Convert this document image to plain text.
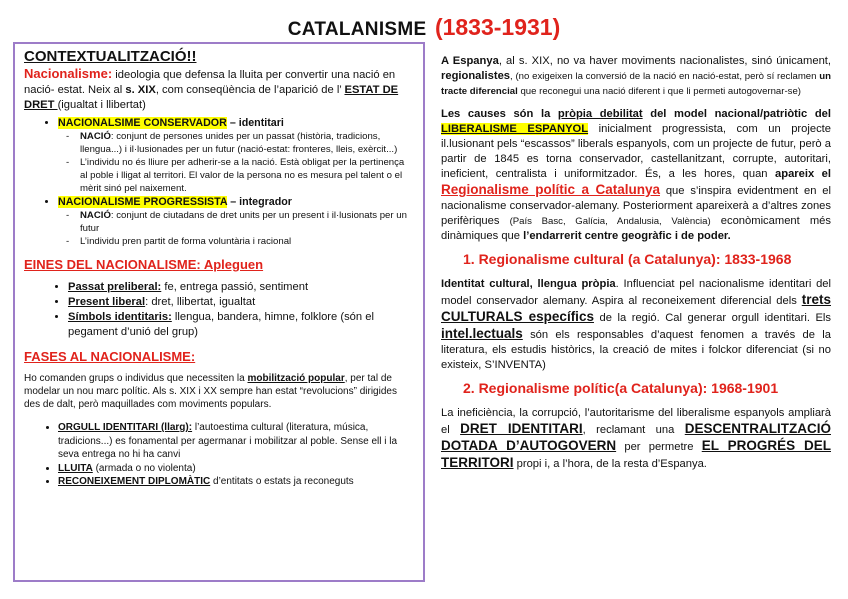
CATALANISME (1833-1931)
CONTEXTUALITZACIÓ!!
Nacionalisme: ideologia que defensa la lluita per convertir una nació en nació- estat. Neix al s. XIX, com conseqüència de l’aparició de l’ ESTAT DE DRET (igualtat i llibertat)
• NACIONALSIME CONSERVADOR – identitari
- NACIÓ: conjunt de persones unides per un passat (història, tradicions, llengua...) i il·lusionades per un futur (nació-estat: fronteres, lleis, exèrcit...)
- L’individu no és lliure per adherir-se a la nació. Està obligat per la pertinença al poble i lligat al territori. El valor de la persona no es mesura pel talent o el mèrit sinó pel naixement.
• NACIONALISME PROGRESSISTA – integrador
- NACIÓ: conjunt de ciutadans de dret units per un present i il·lusionats per un futur
- L’individu pren partit de forma voluntària i racional
EINES DEL NACIONALISME: Apleguen
• Passat preliberal: fe, entrega passió, sentiment
• Present liberal: dret, llibertat, igualtat
• Símbols identitaris: llengua, bandera, himne, folklore (són el pegament d’unió del grup)
FASES AL NACIONALISME:
Ho comanden grups o individus que necessiten la mobilització popular, per tal de modelar un nou marc polític. Als s. XIX i XX sempre han estat “revolucions” dirigides des de dalt, però maquillades com moviments populars.
• ORGULL IDENTITARI (llarg): l’autoestima cultural (literatura, música, tradicions...) es fonamental per agermanar i mobilitzar al poble. Sense ell i la seva entrega no hi ha canvi
• LLUITA (armada o no violenta)
• RECONEIXEMENT DIPLOMÀTIC d’entitats o estats ja reconeguts

A Espanya, al s. XIX, no va haver moviments nacionalistes, sinó únicament, regionalistes, (no exigeixen la conversió de la nació en nació-estat, però sí reclamen un tracte diferencial que reconegui una nació diferent i que li permeti autogovernar-se)

Les causes són la pròpia debilitat del model nacional/patriòtic del LIBERALISME ESPANYOL inicialment progressista, com un projecte il.lusionant pels “escassos” liberals espanyols, com un projecte de futur, però a partir de 1845 es torna conservador, castellanitzant, corrupte, autoritari, ineficient, centralista i uniformitzador. És, a les hores, quan apareix el Regionalisme polític a Catalunya que s’inspira evidentment en el nacionalisme conservador-alemany. Posteriorment apareixerà a d’altres zones perifèriques (País Basc, Galícia, Andalusia, València) econòmicament més dinàmiques que l’endarrerit centre geogràfic i de poder.

1. Regionalisme cultural (a Catalunya): 1833-1968

Identitat cultural, llengua pròpia. Influenciat pel nacionalisme identitari del model conservador alemany. Aspira al reconeixement diferencial dels trets CULTURALS específics de la regió. Cal generar orgull identitari. Els intel.lectuals són els responsables d’aquest fenomen a través de la literatura, els estudis històrics, la creació de mites i folckor diferenciat (si no existeix, S’INVENTA)

2. Regionalisme polític(a Catalunya): 1968-1901

La ineficiència, la corrupció, l’autoritarisme del liberalisme espanyols ampliarà el DRET IDENTITARI, reclamant una DESCENTRALITZACIÓ DOTADA D’AUTOGOVERN per permetre EL PROGRÉS DEL TERRITORI propi i, a l’hora, de la resta d’Espanya.
